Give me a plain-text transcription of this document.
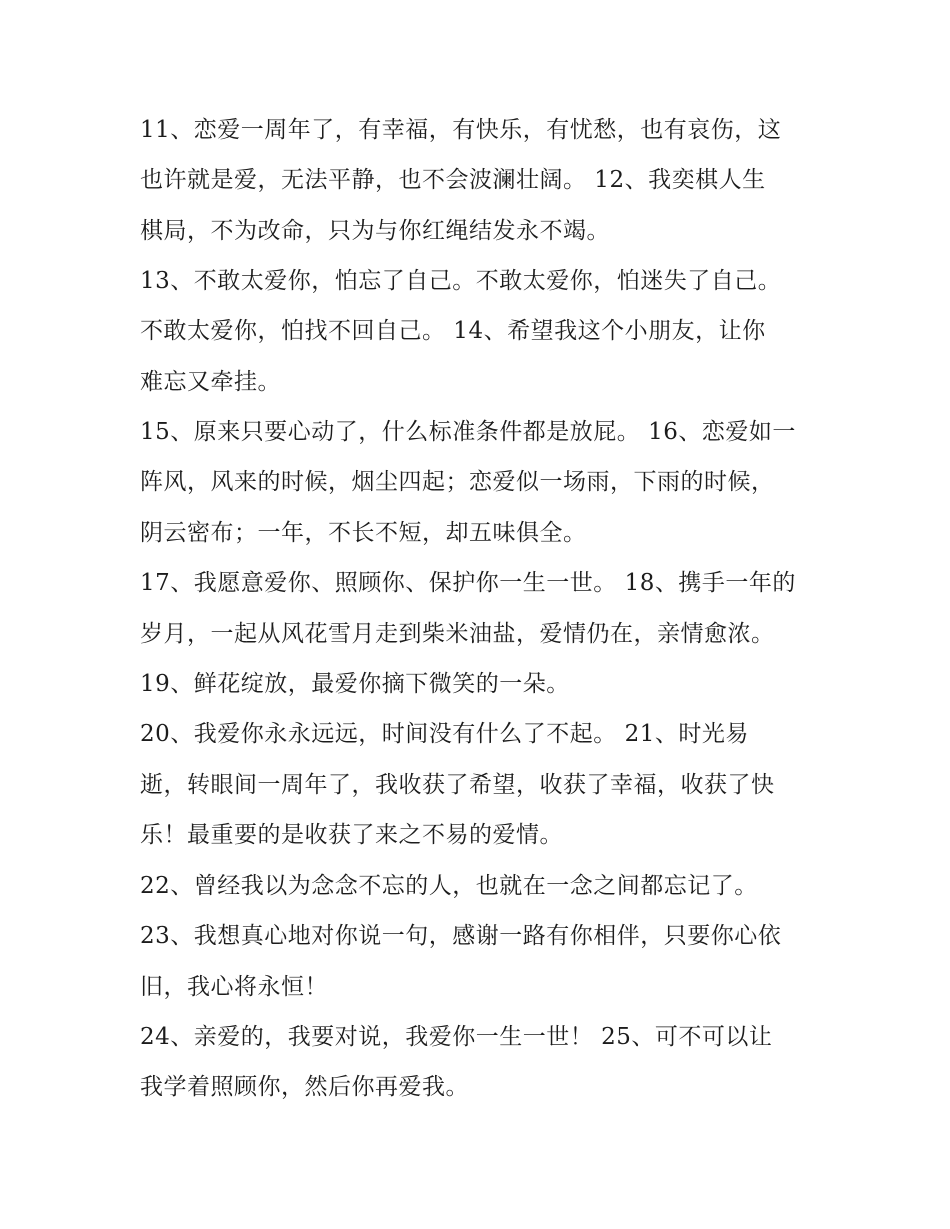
11、恋爱一周年了，有幸福，有快乐，有忧愁，也有哀伤，这
也许就是爱，无法平静，也不会波澜壮阔。 12、我奕棋人生
棋局，不为改命，只为与你红绳结发永不竭。
13、不敢太爱你，怕忘了自己。不敢太爱你，怕迷失了自己。
不敢太爱你，怕找不回自己。 14、希望我这个小朋友，让你
难忘又牵挂。
15、原来只要心动了，什么标准条件都是放屁。 16、恋爱如一
阵风，风来的时候，烟尘四起；恋爱似一场雨，下雨的时候，
阴云密布；一年，不长不短，却五味俱全。
17、我愿意爱你、照顾你、保护你一生一世。 18、携手一年的
岁月，一起从风花雪月走到柴米油盐，爱情仍在，亲情愈浓。
19、鲜花绽放，最爱你摘下微笑的一朵。
20、我爱你永永远远，时间没有什么了不起。 21、时光易
逝，转眼间一周年了，我收获了希望，收获了幸福，收获了快
乐！最重要的是收获了来之不易的爱情。
22、曾经我以为念念不忘的人，也就在一念之间都忘记了。
23、我想真心地对你说一句，感谢一路有你相伴，只要你心依
旧，我心将永恒！
24、亲爱的，我要对说，我爱你一生一世！ 25、可不可以让
我学着照顾你，然后你再爱我。
